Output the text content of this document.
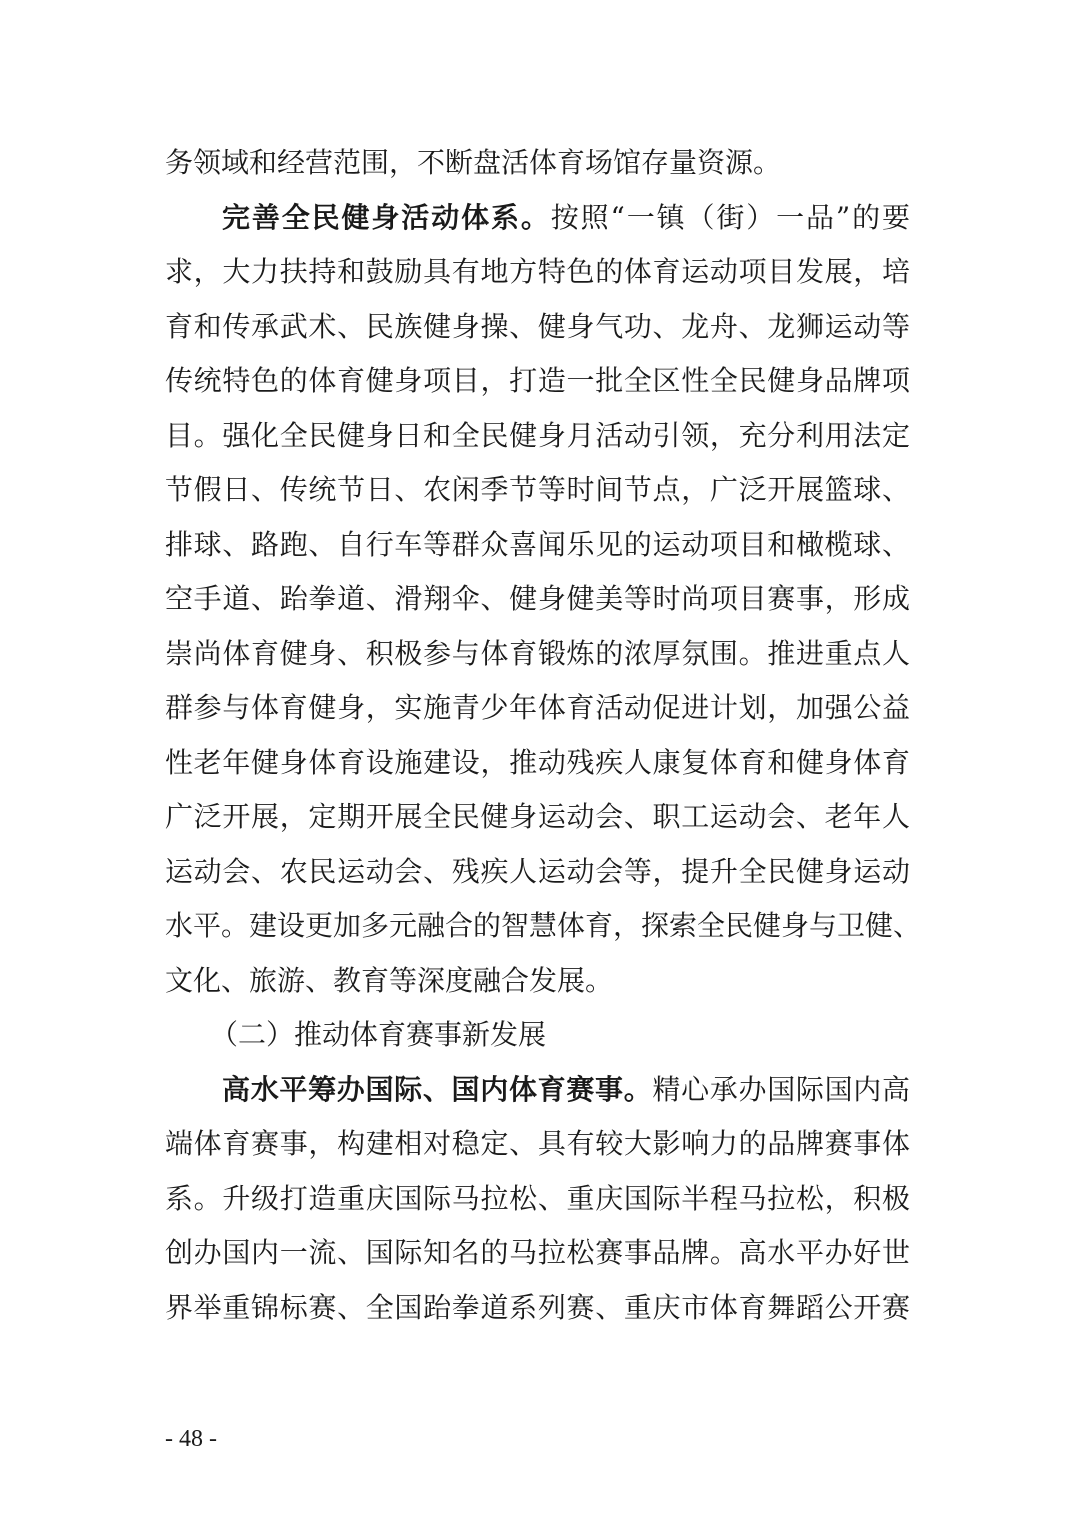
务领域和经营范围，不断盘活体育场馆存量资源。
完善全民健身活动体系。按照“一镇（街）一品”的要
求，大力扶持和鼓励具有地方特色的体育运动项目发展，培
育和传承武术、民族健身操、健身气功、龙舟、龙狮运动等
传统特色的体育健身项目，打造一批全区性全民健身品牌项
目。强化全民健身日和全民健身月活动引领，充分利用法定
节假日、传统节日、农闲季节等时间节点，广泛开展篮球、
排球、路跑、自行车等群众喜闻乐见的运动项目和橄榄球、
空手道、跆拳道、滑翔伞、健身健美等时尚项目赛事，形成
崇尚体育健身、积极参与体育锻炼的浓厚氛围。推进重点人
群参与体育健身，实施青少年体育活动促进计划，加强公益
性老年健身体育设施建设，推动残疾人康复体育和健身体育
广泛开展，定期开展全民健身运动会、职工运动会、老年人
运动会、农民运动会、残疾人运动会等，提升全民健身运动
水平。建设更加多元融合的智慧体育，探索全民健身与卫健、
文化、旅游、教育等深度融合发展。
（二）推动体育赛事新发展
高水平筹办国际、国内体育赛事。精心承办国际国内高
端体育赛事，构建相对稳定、具有较大影响力的品牌赛事体
系。升级打造重庆国际马拉松、重庆国际半程马拉松，积极
创办国内一流、国际知名的马拉松赛事品牌。高水平办好世
界举重锦标赛、全国跆拳道系列赛、重庆市体育舞蹈公开赛
- 48 -
